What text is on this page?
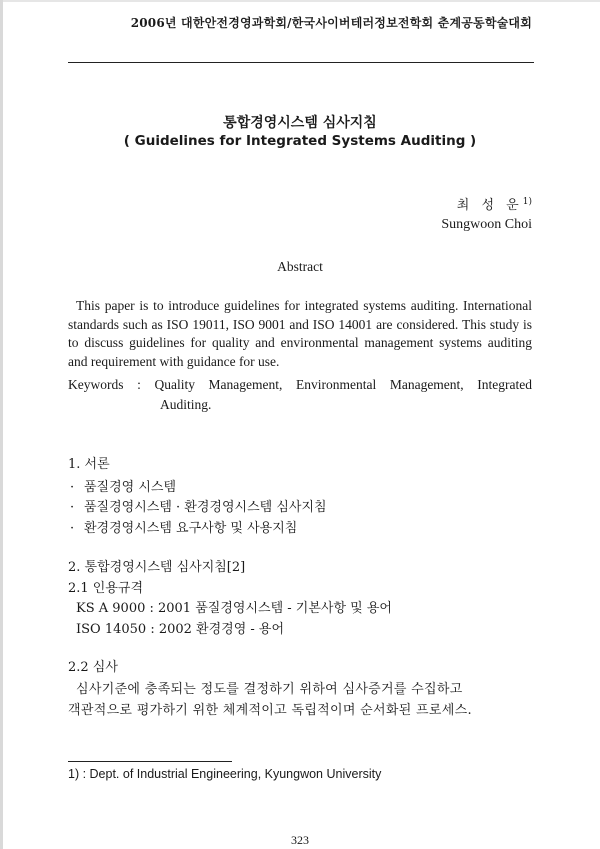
2006년 대한안전경영과학회/한국사이버테러정보전학회 춘계공동학술대회
통합경영시스템 심사지침
( Guidelines for Integrated Systems Auditing )
최 성 운$^{1)}$
Sungwoon Choi
Abstract
This paper is to introduce guidelines for integrated systems auditing. International standards such as ISO 19011, ISO 9001 and ISO 14001 are considered. This study is to discuss guidelines for quality and environmental management systems auditing and requirement with guidance for use.
Keywords : Quality Management, Environmental Management, Integrated
Auditing.
1. 서론
· 품질경영 시스템
· 품질경영시스템 · 환경경영시스템 심사지침
· 환경경영시스템 요구사항 및 사용지침
2. 통합경영시스템 심사지침[2]
2.1 인용규격
KS A 9000 : 2001 품질경영시스템 - 기본사항 및 용어
ISO 14050 : 2002 환경경영 - 용어
2.2 심사
심사기준에 충족되는 정도를 결정하기 위하여 심사증거를 수집하고
객관적으로 평가하기 위한 체계적이고 독립적이며 순서화된 프로세스.
1) : Dept. of Industrial Engineering, Kyungwon University
323
